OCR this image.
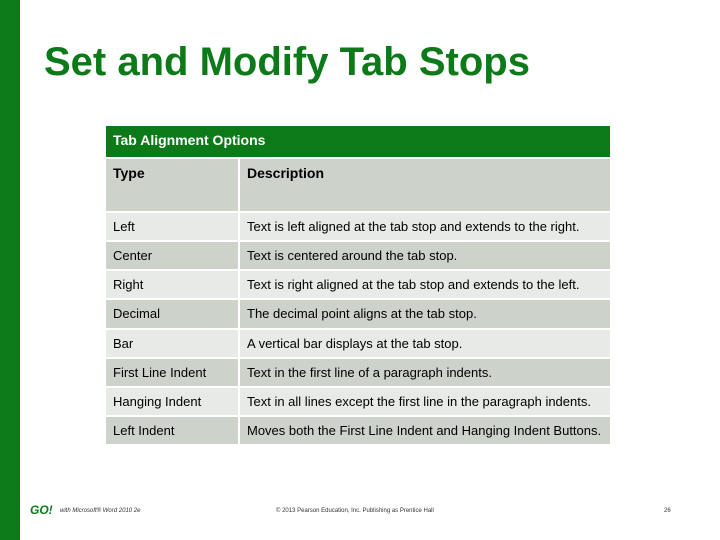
Set and Modify Tab Stops
Tab Alignment Options	
Type	Description
Left	Text is left aligned at the tab stop and extends to the right.
Center	Text is centered around the tab stop.
Right	Text is right aligned at the tab stop and extends to the left.
Decimal	The decimal point aligns at the tab stop.
Bar	A vertical bar displays at the tab stop.
First Line Indent	Text in the first line of a paragraph indents.
Hanging Indent	Text in all lines except the first line in the paragraph indents.
Left Indent	Moves both the First Line Indent and Hanging Indent Buttons.
GO! with Microsoft® Word 2010 2e	© 2013 Pearson Education, Inc. Publishing as Prentice Hall	26
